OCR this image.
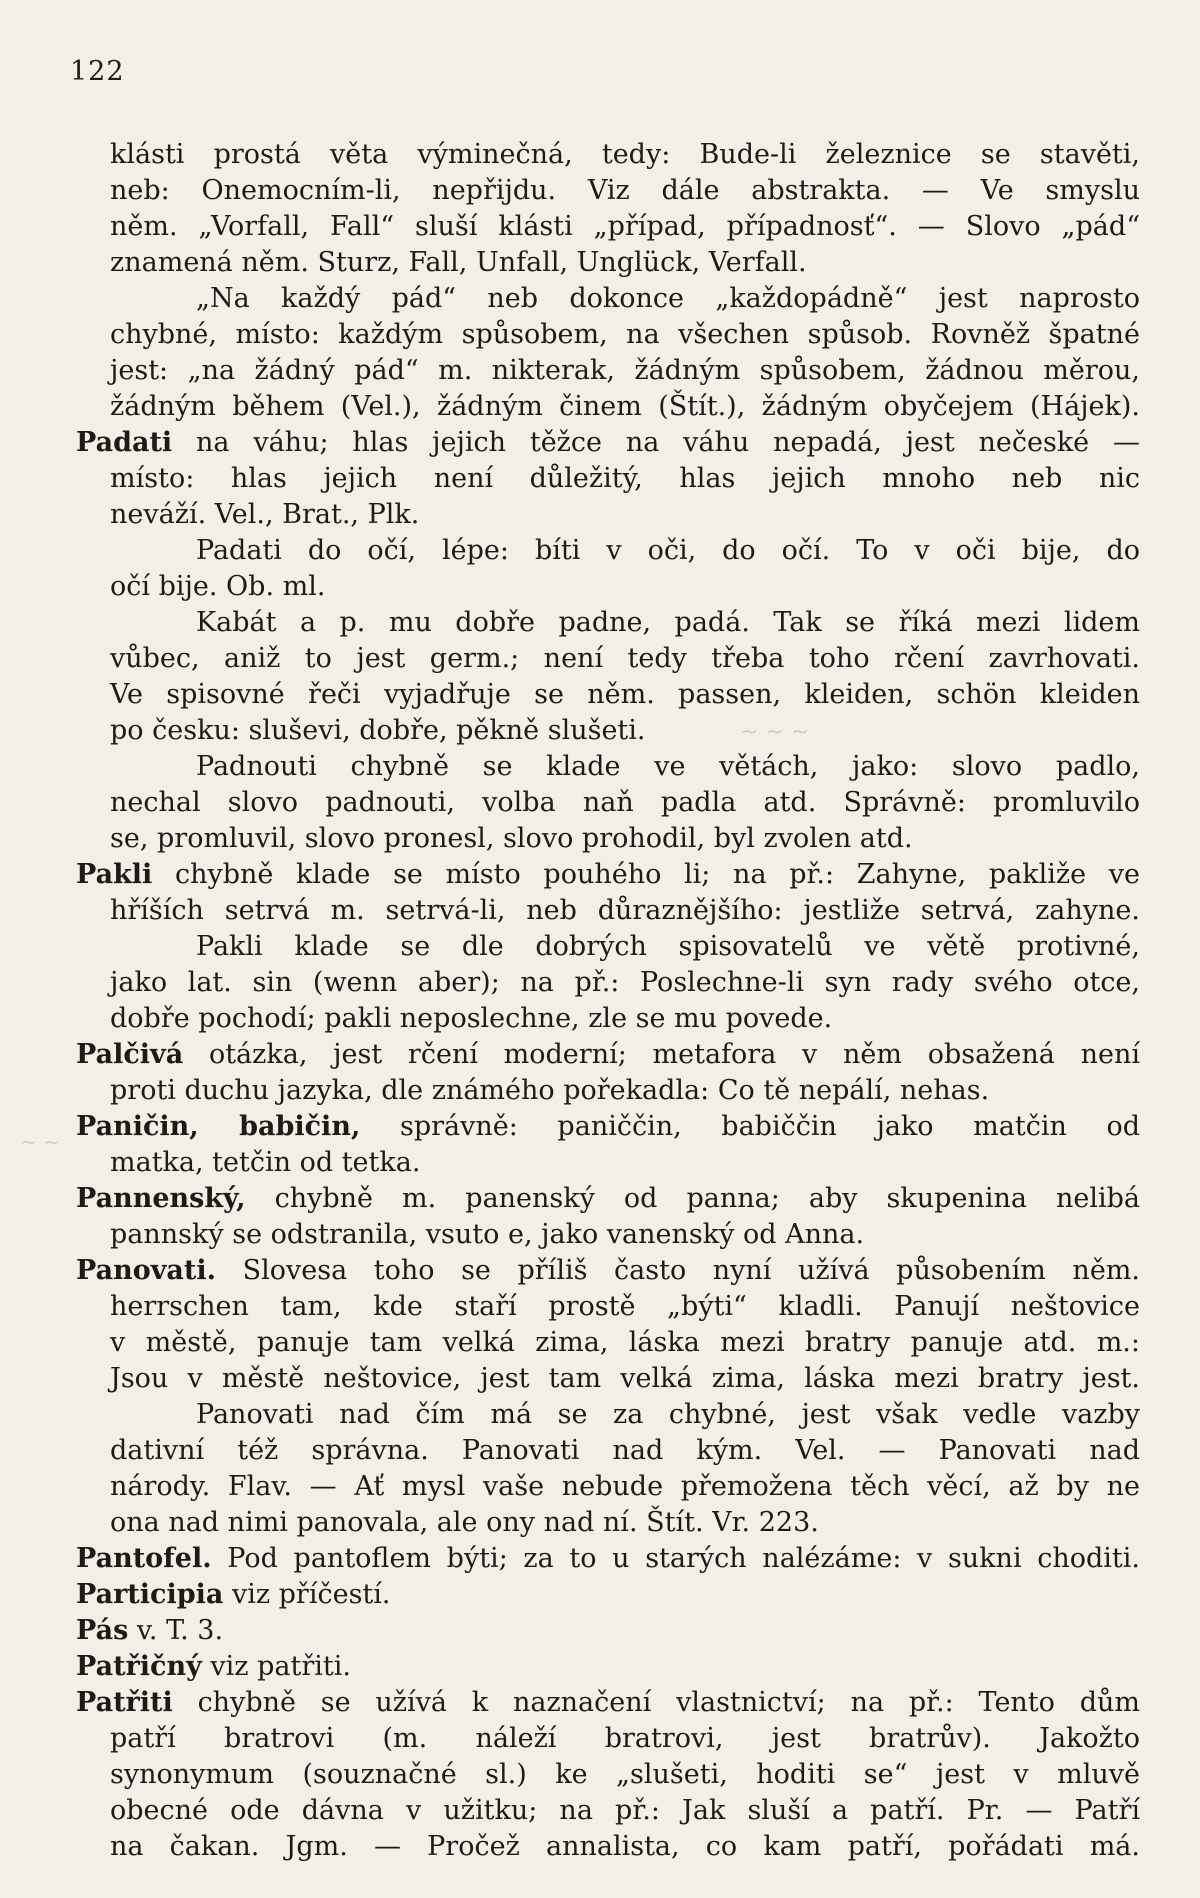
122
~ ~ ~
~ ~
klásti prostá věta výminečná, tedy: Bude-li železnice se stavěti,
neb: Onemocním-li, nepřijdu. Viz dále abstrakta. — Ve smyslu
něm. „Vorfall, Fall“ sluší klásti „případ, případnosť“. — Slovo „pád“
znamená něm. Sturz, Fall, Unfall, Unglück, Verfall.
„Na každý pád“ neb dokonce „každopádně“ jest naprosto
chybné, místo: každým spůsobem, na všechen spůsob. Rovněž špatné
jest: „na žádný pád“ m. nikterak, žádným spůsobem, žádnou měrou,
žádným během (Vel.), žádným činem (Štít.), žádným obyčejem (Hájek).
Padati na váhu; hlas jejich těžce na váhu nepadá, jest nečeské —
místo: hlas jejich není důležitý, hlas jejich mnoho neb nic
neváží. Vel., Brat., Plk.
Padati do očí, lépe: bíti v oči, do očí. To v oči bije, do
očí bije. Ob. ml.
Kabát a p. mu dobře padne, padá. Tak se říká mezi lidem
vůbec, aniž to jest germ.; není tedy třeba toho rčení zavrhovati.
Ve spisovné řeči vyjadřuje se něm. passen, kleiden, schön kleiden
po česku: sluševi, dobře, pěkně slušeti.
Padnouti chybně se klade ve větách, jako: slovo padlo,
nechal slovo padnouti, volba naň padla atd. Správně: promluvilo
se, promluvil, slovo pronesl, slovo prohodil, byl zvolen atd.
Pakli chybně klade se místo pouhého li; na př.: Zahyne, pakliže ve
hříších setrvá m. setrvá-li, neb důraznějšího: jestliže setrvá, zahyne.
Pakli klade se dle dobrých spisovatelů ve větě protivné,
jako lat. sin (wenn aber); na př.: Poslechne-li syn rady svého otce,
dobře pochodí; pakli neposlechne, zle se mu povede.
Palčivá otázka, jest rčení moderní; metafora v něm obsažená není
proti duchu jazyka, dle známého pořekadla: Co tě nepálí, nehas.
Paničin, babičin, správně: paniččin, babiččin jako matčin od
matka, tetčin od tetka.
Pannenský, chybně m. panenský od panna; aby skupenina nelibá
pannský se odstranila, vsuto e, jako vanenský od Anna.
Panovati. Slovesa toho se příliš často nyní užívá působením něm.
herrschen tam, kde staří prostě „býti“ kladli. Panují neštovice
v městě, panuje tam velká zima, láska mezi bratry panuje atd. m.:
Jsou v městě neštovice, jest tam velká zima, láska mezi bratry jest.
Panovati nad čím má se za chybné, jest však vedle vazby
dativní též správna. Panovati nad kým. Vel. — Panovati nad
národy. Flav. — Ať mysl vaše nebude přemožena těch věcí, až by ne
ona nad nimi panovala, ale ony nad ní. Štít. Vr. 223.
Pantofel. Pod pantoflem býti; za to u starých nalézáme: v sukni choditi.
Participia viz příčestí.
Pás v. T. 3.
Patřičný viz patřiti.
Patřiti chybně se užívá k naznačení vlastnictví; na př.: Tento dům
patří bratrovi (m. náleží bratrovi, jest bratrův). Jakožto
synonymum (souznačné sl.) ke „slušeti, hoditi se“ jest v mluvě
obecné ode dávna v užitku; na př.: Jak sluší a patří. Pr. — Patří
na čakan. Jgm. — Pročež annalista, co kam patří, pořádati má.
